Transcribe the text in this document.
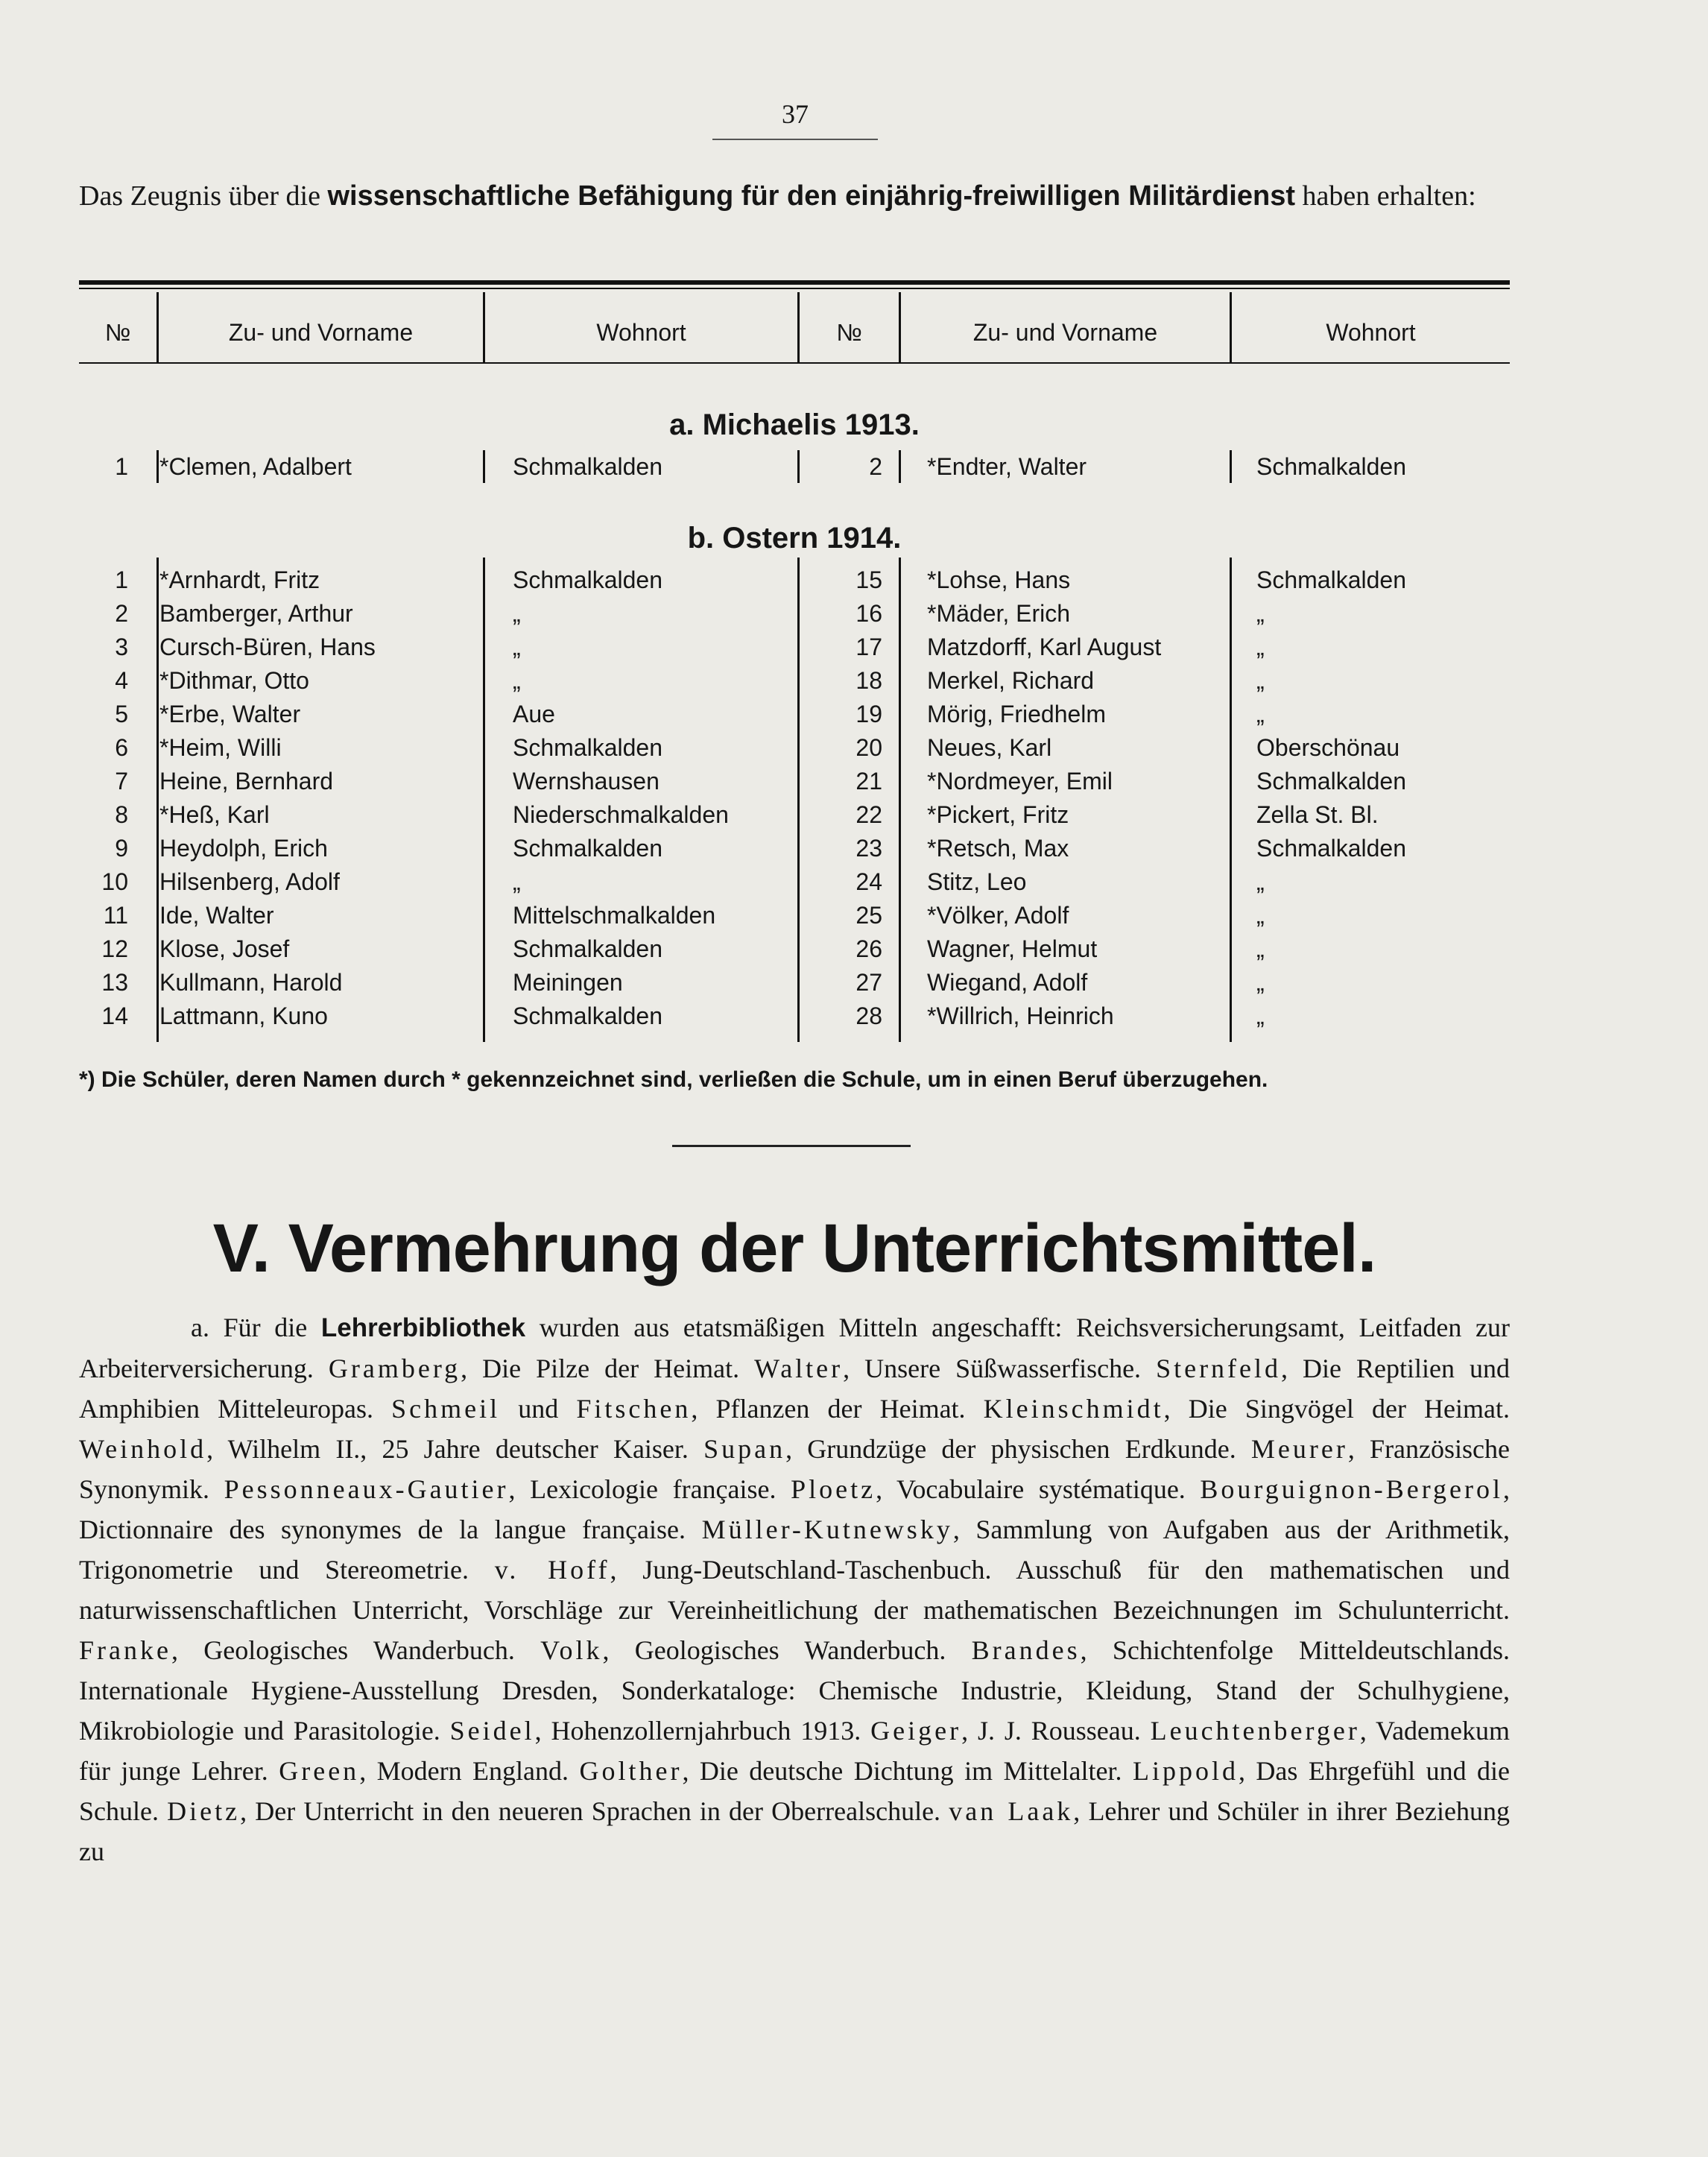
37
Das Zeugnis über die wissenschaftliche Befähigung für den einjährig-freiwilligen Militärdienst haben erhalten:
№	Zu- und Vorname	Wohnort	№	Zu- und Vorname	Wohnort
a. Michaelis 1913.
1 *Clemen, Adalbert	Schmalkalden	2 *Endter, Walter	Schmalkalden
b. Ostern 1914.
1 *Arnhardt, Fritz	Schmalkalden	15 *Lohse, Hans	Schmalkalden
2 Bamberger, Arthur	„	16 *Mäder, Erich	„
3 Cursch-Büren, Hans	„	17 Matzdorff, Karl August	„
4 *Dithmar, Otto	„	18 Merkel, Richard	„
5 *Erbe, Walter	Aue	19 Mörig, Friedhelm	„
6 *Heim, Willi	Schmalkalden	20 Neues, Karl	Oberschönau
7 Heine, Bernhard	Wernshausen	21 *Nordmeyer, Emil	Schmalkalden
8 *Heß, Karl	Niederschmalkalden	22 *Pickert, Fritz	Zella St. Bl.
9 Heydolph, Erich	Schmalkalden	23 *Retsch, Max	Schmalkalden
10 Hilsenberg, Adolf	„	24 Stitz, Leo	„
11 Ide, Walter	Mittelschmalkalden	25 *Völker, Adolf	„
12 Klose, Josef	Schmalkalden	26 Wagner, Helmut	„
13 Kullmann, Harold	Meiningen	27 Wiegand, Adolf	„
14 Lattmann, Kuno	Schmalkalden	28 *Willrich, Heinrich	„
*) Die Schüler, deren Namen durch * gekennzeichnet sind, verließen die Schule, um in einen Beruf überzugehen.
V. Vermehrung der Unterrichtsmittel.
a. Für die Lehrerbibliothek wurden aus etatsmäßigen Mitteln angeschafft: Reichsversicherungsamt, Leitfaden zur Arbeiterversicherung. Gramberg, Die Pilze der Heimat. Walter, Unsere Süßwasserfische. Sternfeld, Die Reptilien und Amphibien Mitteleuropas. Schmeil und Fitschen, Pflanzen der Heimat. Kleinschmidt, Die Singvögel der Heimat. Weinhold, Wilhelm II., 25 Jahre deutscher Kaiser. Supan, Grundzüge der physischen Erdkunde. Meurer, Französische Synonymik. Pessonneaux-Gautier, Lexicologie française. Ploetz, Vocabulaire systématique. Bourguignon-Bergerol, Dictionnaire des synonymes de la langue française. Müller-Kutnewsky, Sammlung von Aufgaben aus der Arithmetik, Trigonometrie und Stereometrie. v. Hoff, Jung-Deutschland-Taschenbuch. Ausschuß für den mathematischen und naturwissenschaftlichen Unterricht, Vorschläge zur Vereinheitlichung der mathematischen Bezeichnungen im Schulunterricht. Franke, Geologisches Wanderbuch. Volk, Geologisches Wanderbuch. Brandes, Schichtenfolge Mitteldeutschlands. Internationale Hygiene-Ausstellung Dresden, Sonderkataloge: Chemische Industrie, Kleidung, Stand der Schulhygiene, Mikrobiologie und Parasitologie. Seidel, Hohenzollernjahrbuch 1913. Geiger, J. J. Rousseau. Leuchtenberger, Vademekum für junge Lehrer. Green, Modern England. Golther, Die deutsche Dichtung im Mittelalter. Lippold, Das Ehrgefühl und die Schule. Dietz, Der Unterricht in den neueren Sprachen in der Oberrealschule. van Laak, Lehrer und Schüler in ihrer Beziehung zu
